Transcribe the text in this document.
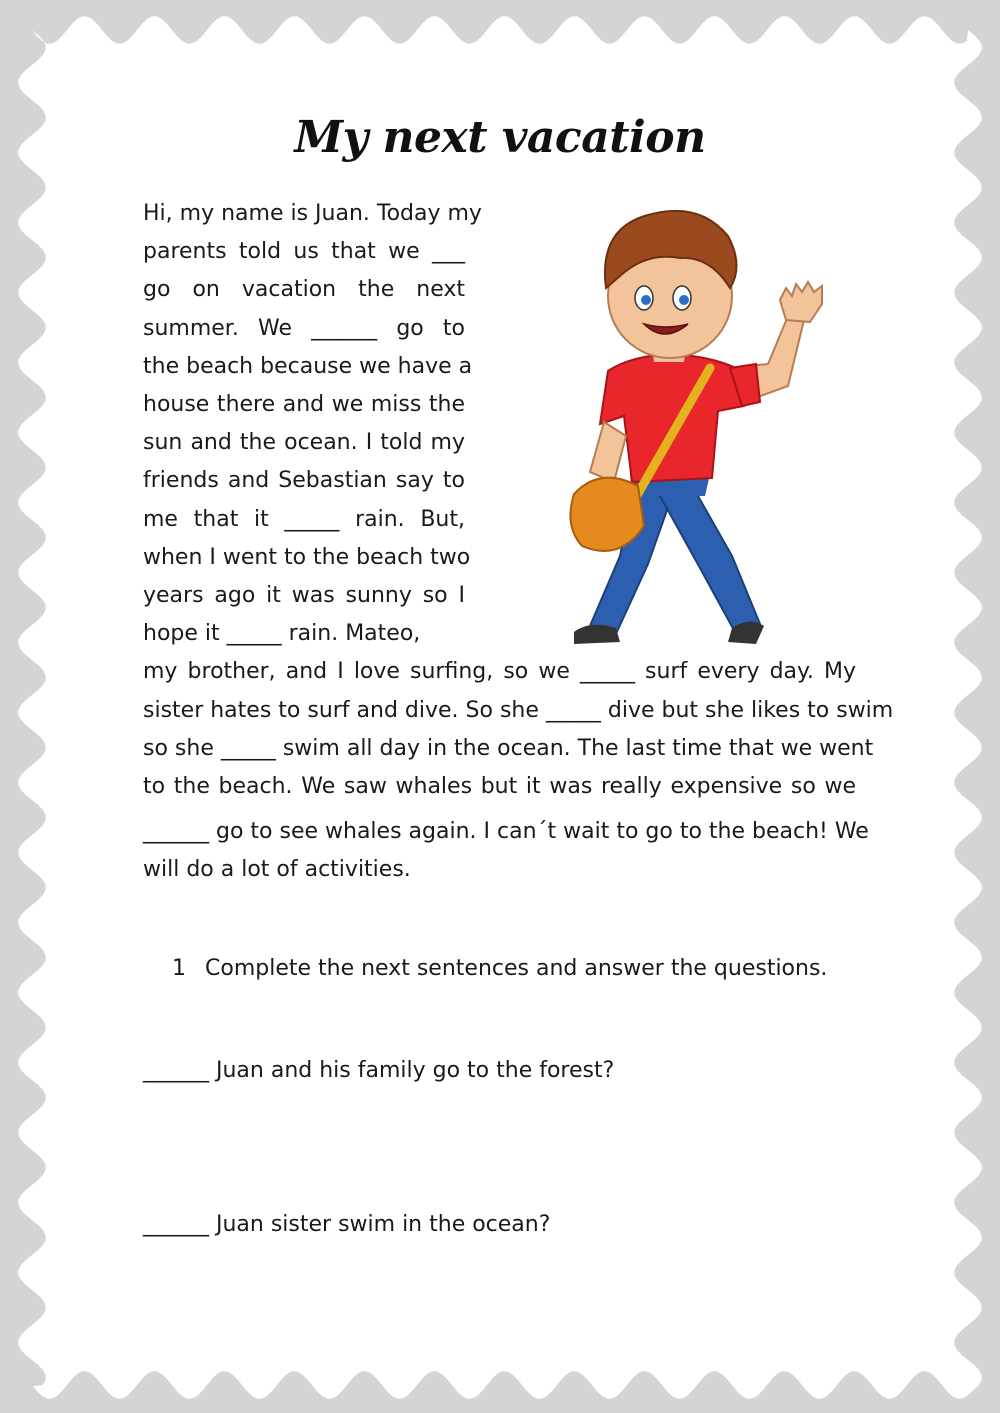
My next vacation
Hi, my name is Juan. Today my
parents told us that we ___
go on vacation the next
summer. We ______ go to
the beach because we have a
house there and we miss the
sun and the ocean. I told my
friends and Sebastian say to
me that it _____ rain. But,
when I went to the beach two
years ago it was sunny so I
hope it _____ rain. Mateo,
my brother, and I love surfing, so we _____ surf every day. My
sister hates to surf and dive. So she _____ dive but she likes to swim
so she _____ swim all day in the ocean. The last time that we went
to the beach. We saw whales but it was really expensive so we
______ go to see whales again. I can´t wait to go to the beach! We
will do a lot of activities.
1 Complete the next sentences and answer the questions.
______ Juan and his family go to the forest?
______ Juan sister swim in the ocean?
